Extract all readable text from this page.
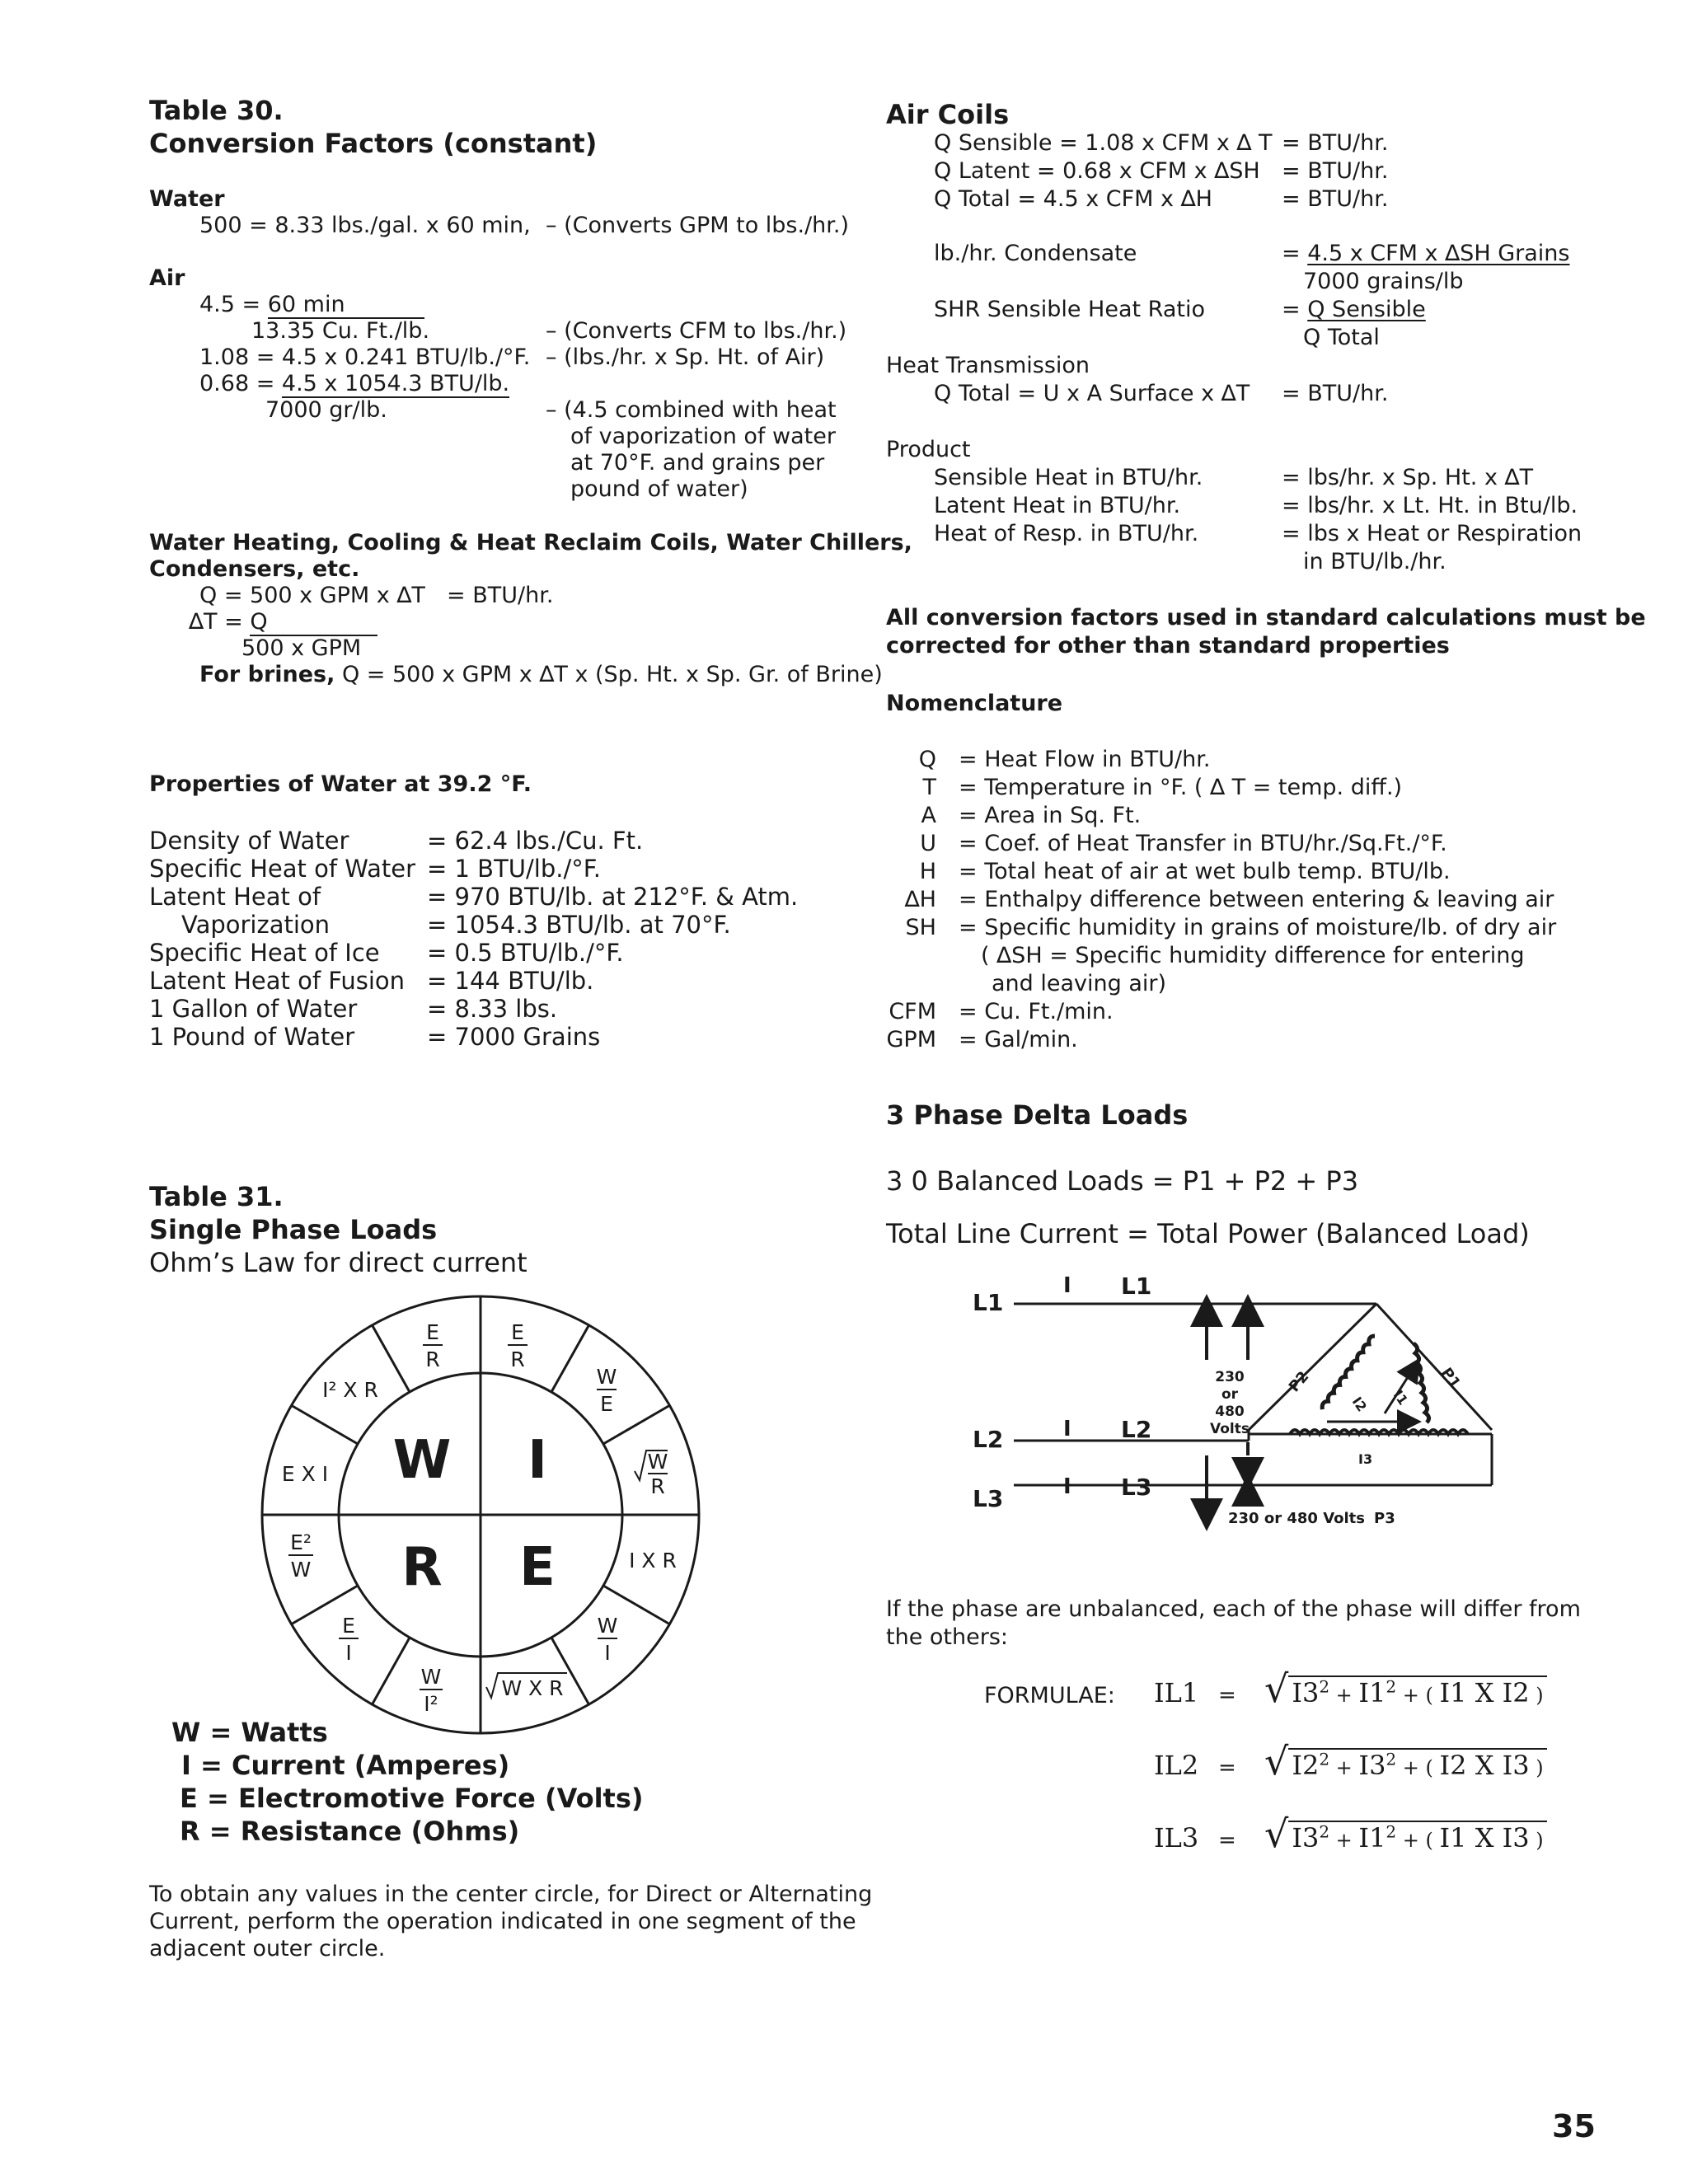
Table 30.
Conversion Factors (constant)
Water
500 = 8.33 lbs./gal. x 60 min, – (Converts GPM to lbs./hr.)
Air
4.5 = 60 min
13.35 Cu. Ft./lb.	– (Converts CFM to lbs./hr.)
1.08 = 4.5 x 0.241 BTU/lb./°F. – (lbs./hr. x Sp. Ht. of Air)
0.68 = 4.5 x 1054.3 BTU/lb.
7000 gr/lb.	– (4.5 combined with heat
of vaporization of water
at 70°F. and grains per
pound of water)
Water Heating, Cooling & Heat Reclaim Coils, Water Chillers,
Condensers, etc.
Q = 500 x GPM x ∆T = BTU/hr.
∆T = Q
500 x GPM
For brines, Q = 500 x GPM x ∆T x (Sp. Ht. x Sp. Gr. of Brine)
Properties of Water at 39.2 °F.
Density of Water	= 62.4 lbs./Cu. Ft.
Specific Heat of Water = 1 BTU/lb./°F.
Latent Heat of	= 970 BTU/lb. at 212°F. & Atm.
Vaporization	= 1054.3 BTU/lb. at 70°F.
Specific Heat of Ice = 0.5 BTU/lb./°F.
Latent Heat of Fusion = 144 BTU/lb.
1 Gallon of Water	= 8.33 lbs.
1 Pound of Water	= 7000 Grains
Table 31.
Single Phase Loads
Ohm’s Law for direct current
W I
R E
E
R
E
R
I² X R
W
E
E X I
W
R
E²
W	I X R
E
I
W
I
W
I²
W X R
W = Watts
I = Current (Amperes)
E = Electromotive Force (Volts)
R = Resistance (Ohms)
To obtain any values in the center circle, for Direct or Alternating
Current, perform the operation indicated in one segment of the
adjacent outer circle.
Air Coils
Q Sensible = 1.08 x CFM x ∆ T = BTU/hr.
Q Latent = 0.68 x CFM x ∆SH = BTU/hr.
Q Total = 4.5 x CFM x ∆H	= BTU/hr.
lb./hr. Condensate	= 4.5 x CFM x ∆SH Grains
7000 grains/lb
SHR Sensible Heat Ratio	= Q Sensible
Q Total
Heat Transmission
Q Total = U x A Surface x ∆T = BTU/hr.
Product
Sensible Heat in BTU/hr.	= lbs/hr. x Sp. Ht. x ∆T
Latent Heat in BTU/hr.	= lbs/hr. x Lt. Ht. in Btu/lb.
Heat of Resp. in BTU/hr.	= lbs x Heat or Respiration
in BTU/lb./hr.
All conversion factors used in standard calculations must be
corrected for other than standard properties
Nomenclature
Q = Heat Flow in BTU/hr.
T = Temperature in °F. ( ∆ T = temp. diff.)
A = Area in Sq. Ft.
U = Coef. of Heat Transfer in BTU/hr./Sq.Ft./°F.
H = Total heat of air at wet bulb temp. BTU/lb.
∆H = Enthalpy difference between entering & leaving air
SH = Specific humidity in grains of moisture/lb. of dry air
( ∆SH = Specific humidity difference for entering
and leaving air)
CFM = Cu. Ft./min.
GPM = Gal/min.
3 Phase Delta Loads
3 0 Balanced Loads = P1 + P2 + P3
Total Line Current = Total Power (Balanced Load)
L1
I L1
L2	I L2
L3	I L3
230
or
480
Volts
230 or 480 Volts P3
P2	P1
I2 I1
I3
If the phase are unbalanced, each of the phase will differ from
the others:
FORMULAE: IL1 = √ $I3^2 + I1^2$ + ( I1 X I2 )
IL2 = √ $I2^2 + I3^2$ + ( I2 X I3 )
IL3 = √ $I3^2 + I1^2$ + ( I1 X I3 )
35
